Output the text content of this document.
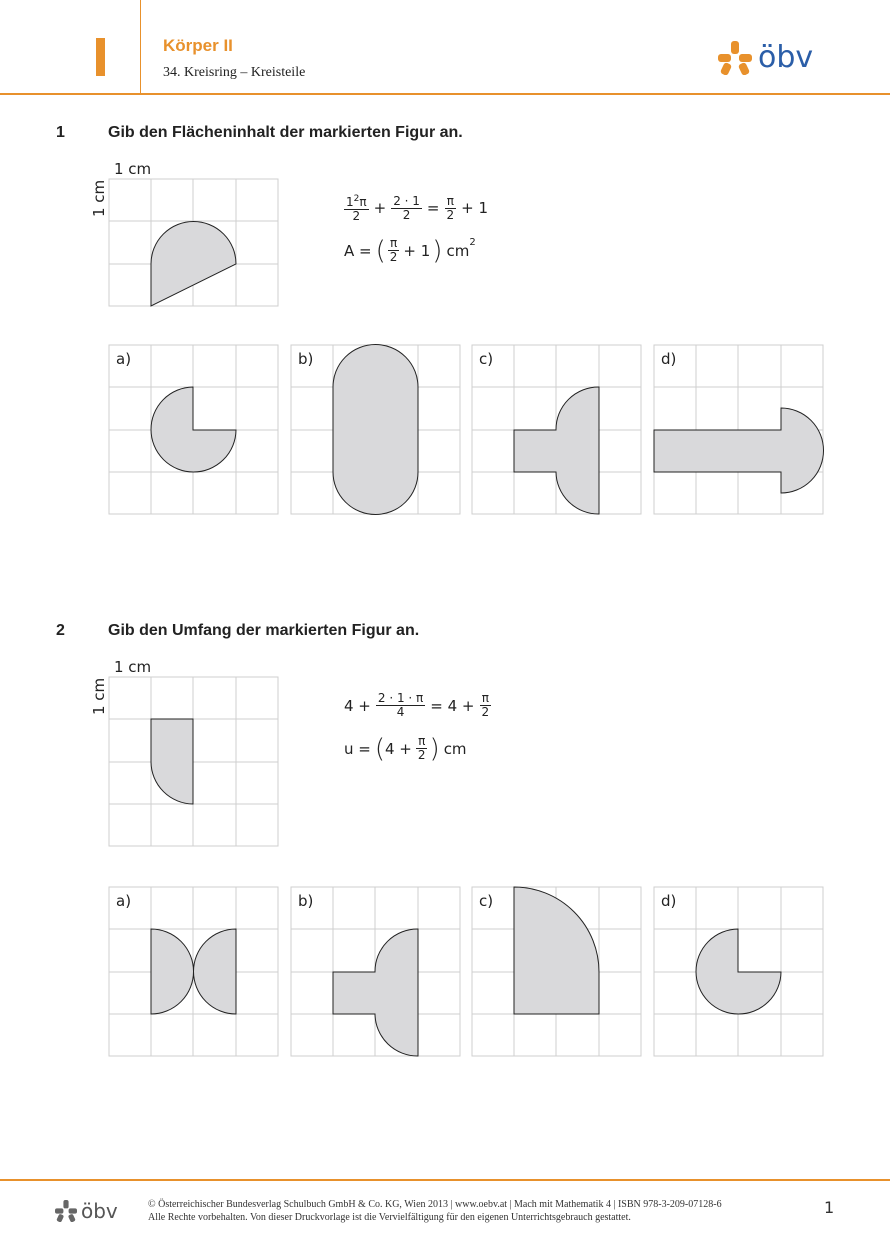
Körper II
34. Kreisring – Kreisteile	öbv
1	Gib den Flächeninhalt der markierten Figur an.
1 cm
1 cm	$1^2\pi$
$2 + \frac{2 \cdot 1}{2} = \frac{\pi}{2} + 1$
A = ( π
2 + 1 ) $cm^2$
a)	b)	c)	d)
2	Gib den Umfang der markierten Figur an.
1 cm
1 cm	$4 + \frac{2 \cdot 1 \cdot \pi}{4} = 4 + \frac{\pi}{2}$
u = ( $4 + \frac{\pi}{2}$ ) cm
a)	b)	c)	d)
öbv	© Österreichischer Bundesverlag Schulbuch GmbH & Co. KG, Wien 2013 | www.oebv.at | Mach mit Mathematik 4 | ISBN 978-3-209-07128-6
Alle Rechte vorbehalten. Von dieser Druckvorlage ist die Vervielfältigung für den eigenen Unterrichtsgebrauch gestattet.
1
